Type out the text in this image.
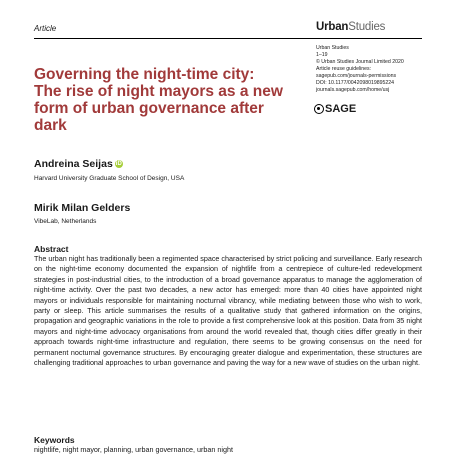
Article	UrbanStudies
Urban Studies
1–19
© Urban Studies Journal Limited 2020
Article reuse guidelines:
sagepub.com/journals-permissions
DOI: 10.1177/0042098019895224
journals.sagepub.com/home/usj
SAGE
Governing the night-time city: The rise of night mayors as a new form of urban governance after dark
Andreina Seijas iD
Harvard University Graduate School of Design, USA
Mirik Milan Gelders
VibeLab, Netherlands
Abstract
The urban night has traditionally been a regimented space characterised by strict policing and surveillance. Early research on the night-time economy documented the expansion of nightlife from a centrepiece of culture-led redevelopment strategies in post-industrial cities, to the introduction of a broad governance apparatus to manage the agglomeration of night-time activity. Over the past two decades, a new actor has emerged: more than 40 cities have appointed night mayors or individuals responsible for maintaining nocturnal vibrancy, while mediating between those who wish to work, party or sleep. This article summarises the results of a qualitative study that gathered information on the origins, propagation and geographic variations in the role to provide a first comprehensive look at this position. Data from 35 night mayors and night-time advocacy organisations from around the world revealed that, though cities differ greatly in their approach towards night-time infrastructure and regulation, there seems to be growing consensus on the need for permanent nocturnal governance structures. By encouraging greater dialogue and experimentation, these structures are challenging traditional approaches to urban governance and paving the way for a new wave of studies on the urban night.
Keywords
nightlife, night mayor, planning, urban governance, urban night
